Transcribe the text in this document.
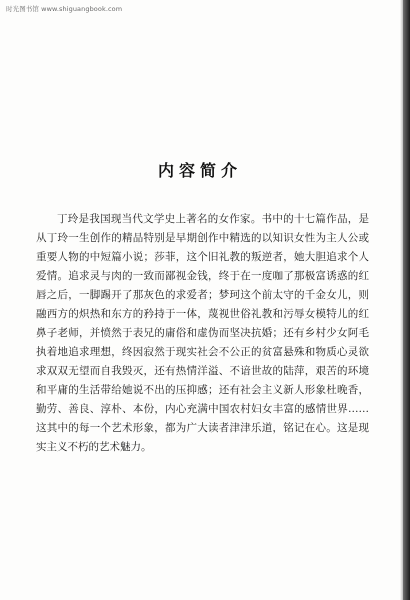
时光图书馆 www.shiguangbook.com
内容简介
丁玲是我国现当代文学史上著名的女作家。书中的十七篇作品，是从丁玲一生创作的精品特别是早期创作中精选的以知识女性为主人公或重要人物的中短篇小说；莎菲，这个旧礼教的叛逆者，她大胆追求个人爱情。追求灵与肉的一致而鄙视金钱，终于在一度咖了那极富诱惑的红唇之后，一脚踢开了那灰色的求爱者；梦珂这个前太守的千金女儿，则融西方的炽热和东方的矜持于一体，蔑视世俗礼教和污辱女模特儿的红鼻子老师，并愤然于表兄的庸俗和虚伪而坚决抗婚；还有乡村少女阿毛执着地追求理想，终因寂然于现实社会不公正的贫富悬殊和物质心灵欲求双双无望而自我毁灭，还有热情洋溢、不谙世故的陆萍，艰苦的环境和平庸的生活带给她说不出的压抑感；还有社会主义新人形象杜晚香，勤劳、善良、淳朴、本份，内心充满中国农村妇女丰富的感情世界……这其中的每一个艺术形象，都为广大读者津津乐道，铭记在心。这是现实主义不朽的艺术魅力。
